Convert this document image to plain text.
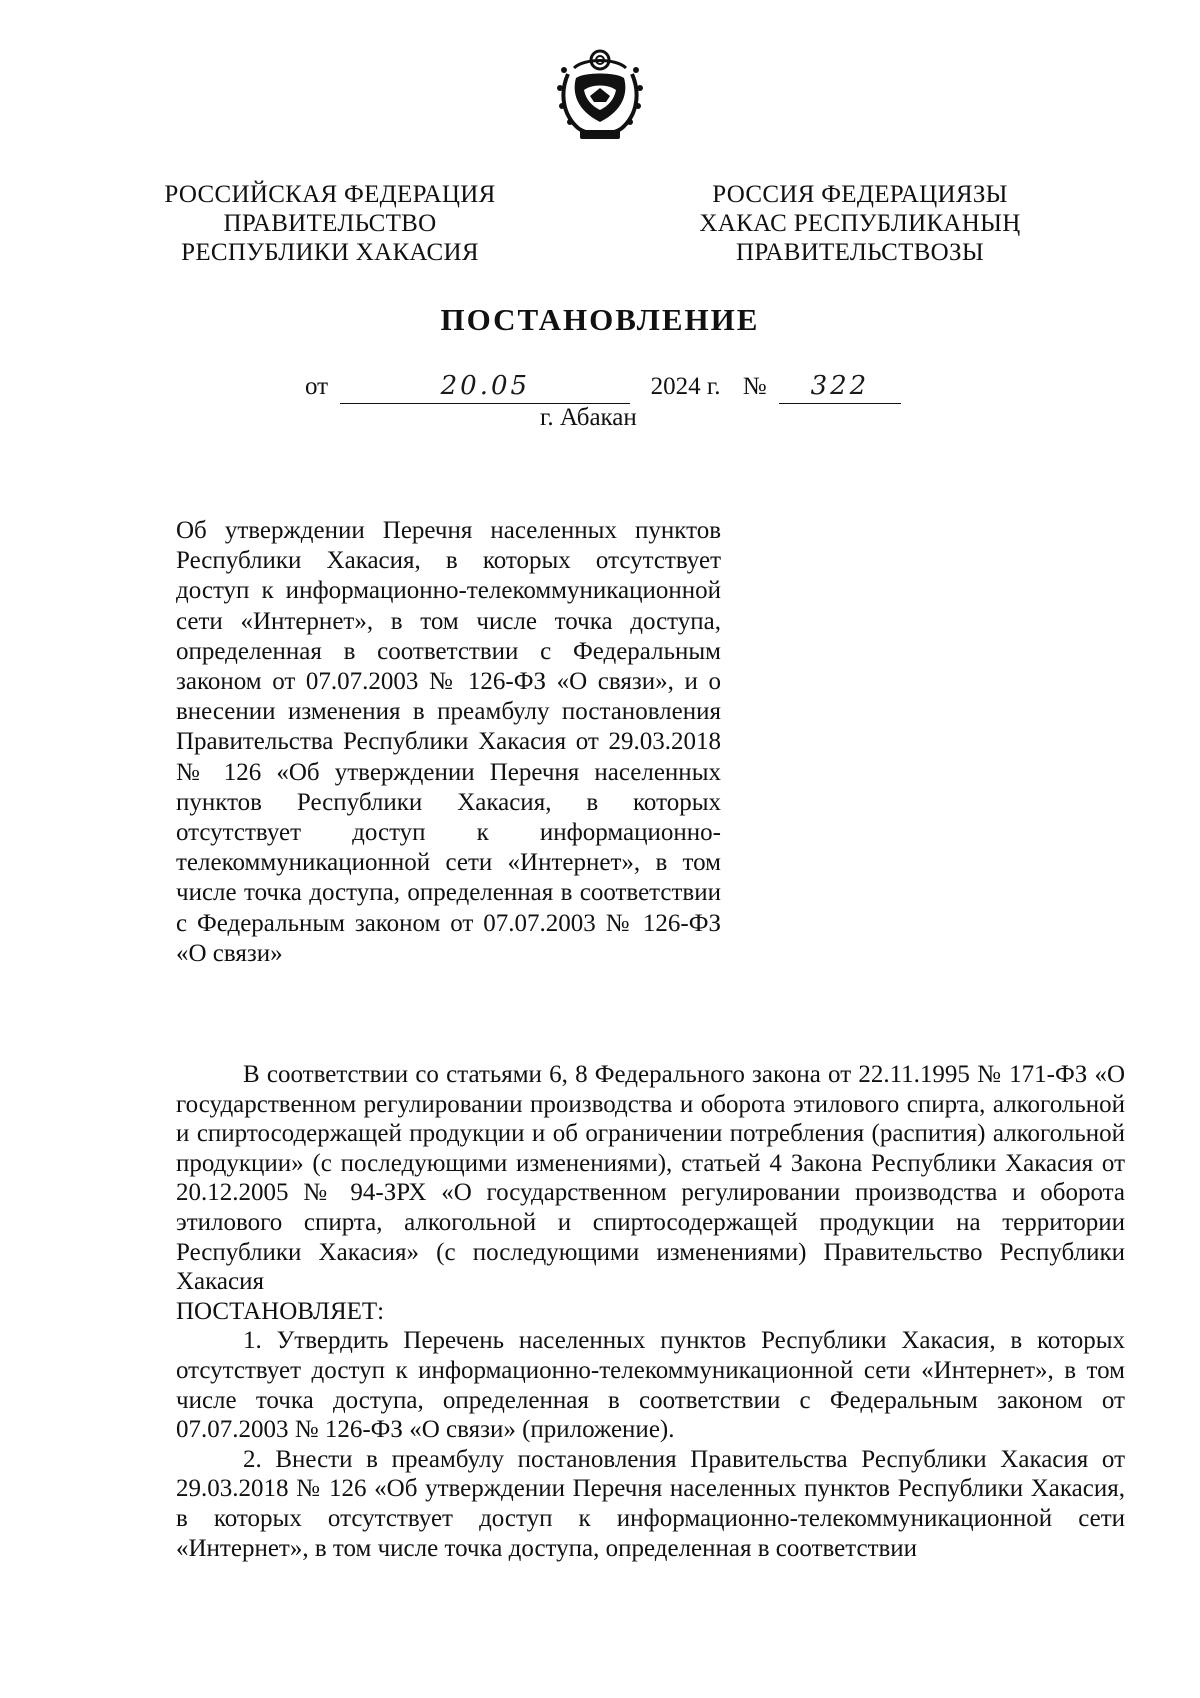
РОССИЙСКАЯ ФЕДЕРАЦИЯ
ПРАВИТЕЛЬСТВО
РЕСПУБЛИКИ ХАКАСИЯ
РОССИЯ ФЕДЕРАЦИЯЗЫ
ХАКАС РЕСПУБЛИКАНЫҢ
ПРАВИТЕЛЬСТВОЗЫ
ПОСТАНОВЛЕНИЕ
от	20.05	2024 г. № 322
г. Абакан
Об утверждении Перечня населенных пунктов Республики Хакасия, в которых отсутствует доступ к информационно-телекоммуникационной сети «Интернет», в том числе точка доступа, определенная в соответствии с Федеральным законом от 07.07.2003 № 126-ФЗ «О связи», и о внесении изменения в преамбулу постановления Правительства Республики Хакасия от 29.03.2018 № 126 «Об утверждении Перечня населенных пунктов Республики Хакасия, в которых отсутствует доступ к информационно-телекоммуникационной сети «Интернет», в том числе точка доступа, определенная в соответствии с Федеральным законом от 07.07.2003 № 126-ФЗ «О связи»

В соответствии со статьями 6, 8 Федерального закона от 22.11.1995 № 171-ФЗ «О государственном регулировании производства и оборота этилового спирта, алкогольной и спиртосодержащей продукции и об ограничении потребления (распития) алкогольной продукции» (с последующими изменениями), статьей 4 Закона Республики Хакасия от 20.12.2005 № 94-ЗРХ «О государственном регулировании производства и оборота этилового спирта, алкогольной и спиртосодержащей продукции на территории Республики Хакасия» (с последующими изменениями) Правительство Республики Хакасия

ПОСТАНОВЛЯЕТ:

1. Утвердить Перечень населенных пунктов Республики Хакасия, в которых отсутствует доступ к информационно-телекоммуникационной сети «Интернет», в том числе точка доступа, определенная в соответствии с Федеральным законом от 07.07.2003 № 126-ФЗ «О связи» (приложение).

2. Внести в преамбулу постановления Правительства Республики Хакасия от 29.03.2018 № 126 «Об утверждении Перечня населенных пунктов Республики Хакасия, в которых отсутствует доступ к информационно-телекоммуникационной сети «Интернет», в том числе точка доступа, определенная в соответствии
